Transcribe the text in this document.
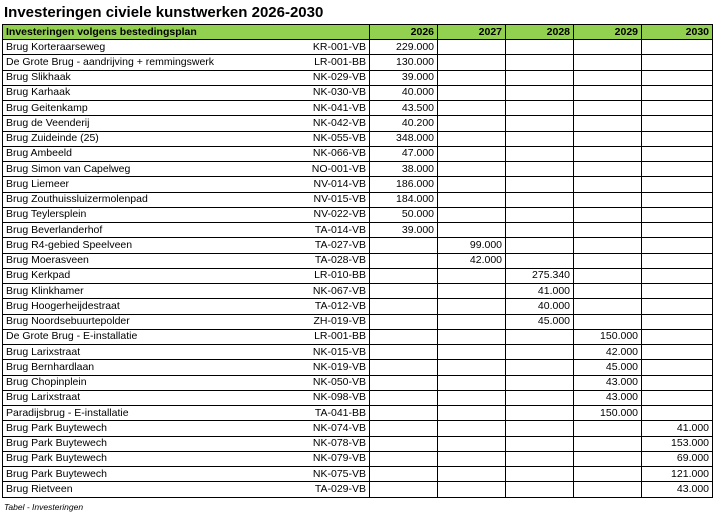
Investeringen civiele kunstwerken 2026-2030
Investeringen volgens bestedingsplan		2026	2027	2028	2029	2030
Brug Korteraarseweg	KR-001-VB	229.000				
De Grote Brug - aandrijving + remmingswerk	LR-001-BB	130.000				
Brug Slikhaak	NK-029-VB	39.000				
Brug Karhaak	NK-030-VB	40.000				
Brug Geitenkamp	NK-041-VB	43.500				
Brug de Veenderij	NK-042-VB	40.200				
Brug Zuideinde (25)	NK-055-VB	348.000				
Brug Ambeeld	NK-066-VB	47.000				
Brug Simon van Capelweg	NO-001-VB	38.000				
Brug Liemeer	NV-014-VB	186.000				
Brug Zouthuissluizermolenpad	NV-015-VB	184.000				
Brug Teylersplein	NV-022-VB	50.000				
Brug Beverlanderhof	TA-014-VB	39.000				
Brug R4-gebied Speelveen	TA-027-VB		99.000			
Brug Moerasveen	TA-028-VB		42.000			
Brug Kerkpad	LR-010-BB			275.340		
Brug Klinkhamer	NK-067-VB			41.000		
Brug Hoogerheijdestraat	TA-012-VB			40.000		
Brug Noordsebuurtepolder	ZH-019-VB			45.000		
De Grote Brug - E-installatie	LR-001-BB				150.000	
Brug Larixstraat	NK-015-VB				42.000	
Brug Bernhardlaan	NK-019-VB				45.000	
Brug Chopinplein	NK-050-VB				43.000	
Brug Larixstraat	NK-098-VB				43.000	
Paradijsbrug - E-installatie	TA-041-BB				150.000	
Brug Park Buytewech	NK-074-VB					41.000
Brug Park Buytewech	NK-078-VB					153.000
Brug Park Buytewech	NK-079-VB					69.000
Brug Park Buytewech	NK-075-VB					121.000
Brug Rietveen	TA-029-VB					43.000
Tabel - Investeringen
